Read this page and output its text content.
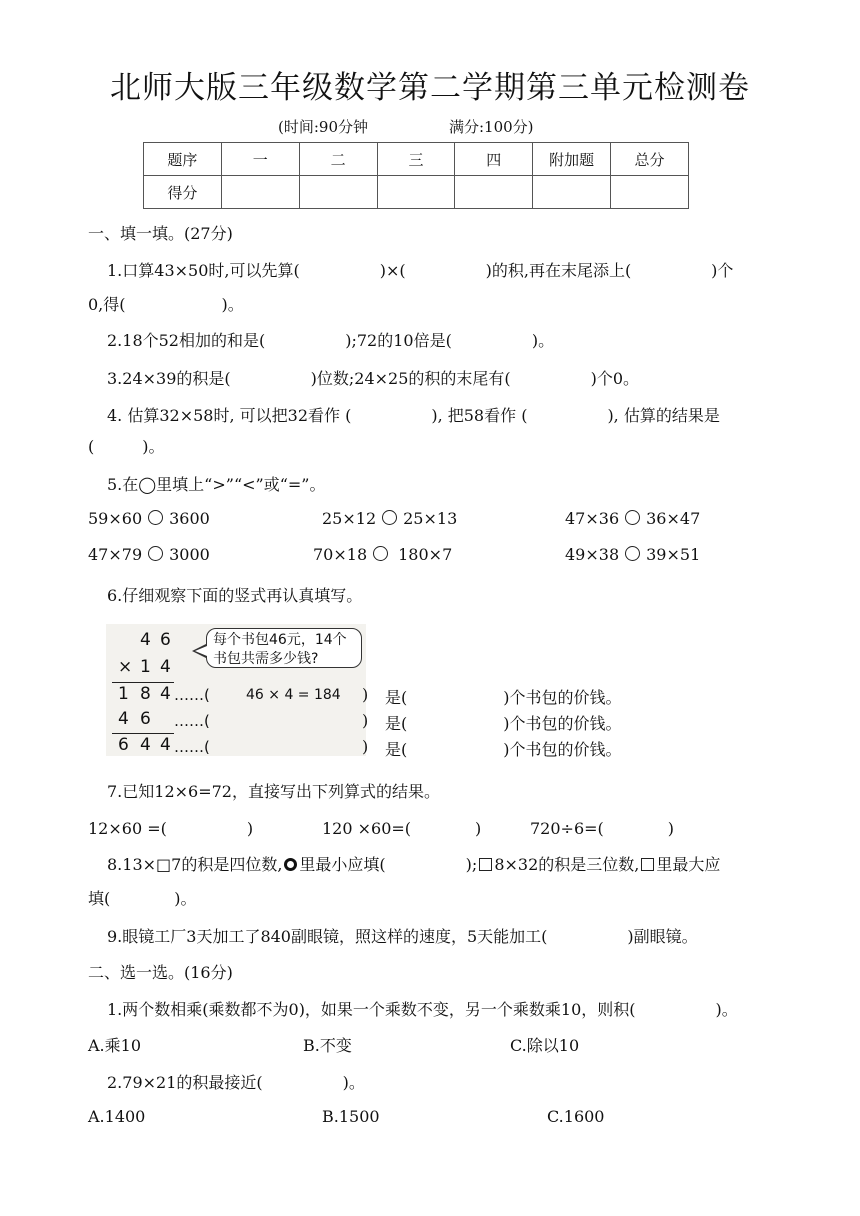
北师大版三年级数学第二学期第三单元检测卷
(时间:90分钟	满分:100分)
题序	一	二	三	四	附加题	总分
得分						
一、填一填。(27分)
1.口算43×50时,可以先算(　　　　　)×(　　　　　)的积,再在末尾添上(　　　　　)个
0,得(　　　　　　)。
2.18个52相加的和是(　　　　　);72的10倍是(　　　　　)。
3.24×39的积是(　　　　　)位数;24×25的积的末尾有(　　　　　)个0。
4. 估算32×58时, 可以把32看作 (　　　　　), 把58看作 (　　　　　), 估算的结果是
(　　　)。
5.在◯里填上“>”“<”或“=”。
59×60 3600	25×12 25×13	47×36 36×47
47×79 3000	70×18 180×7	49×38 39×51
6.仔细观察下面的竖式再认真填写。
4 6
× 1 4
1 8 4
4 6
6 4 4
……(
……(
……(
46 × 4 = 184
每个书包46元，14个
书包共需多少钱?
)
)
)
是(　　　　　　)个书包的价钱。
是(　　　　　　)个书包的价钱。
是(　　　　　　)个书包的价钱。
7.已知12×6=72，直接写出下列算式的结果。
12×60 =(　　　　　)	120 ×60=(　　　　)	720÷6=(　　　　)
8.13×□7的积是四位数, 里最小应填(　　　　　); 8×32的积是三位数, 里最大应
填(　　　　)。
9.眼镜工厂3天加工了840副眼镜，照这样的速度，5天能加工(　　　　　)副眼镜。
二、选一选。(16分)
1.两个数相乘(乘数都不为0)，如果一个乘数不变，另一个乘数乘10，则积(　　　　　)。
A.乘10	B.不变	C.除以10
2.79×21的积最接近(　　　　　)。
A.1400	B.1500	C.1600
